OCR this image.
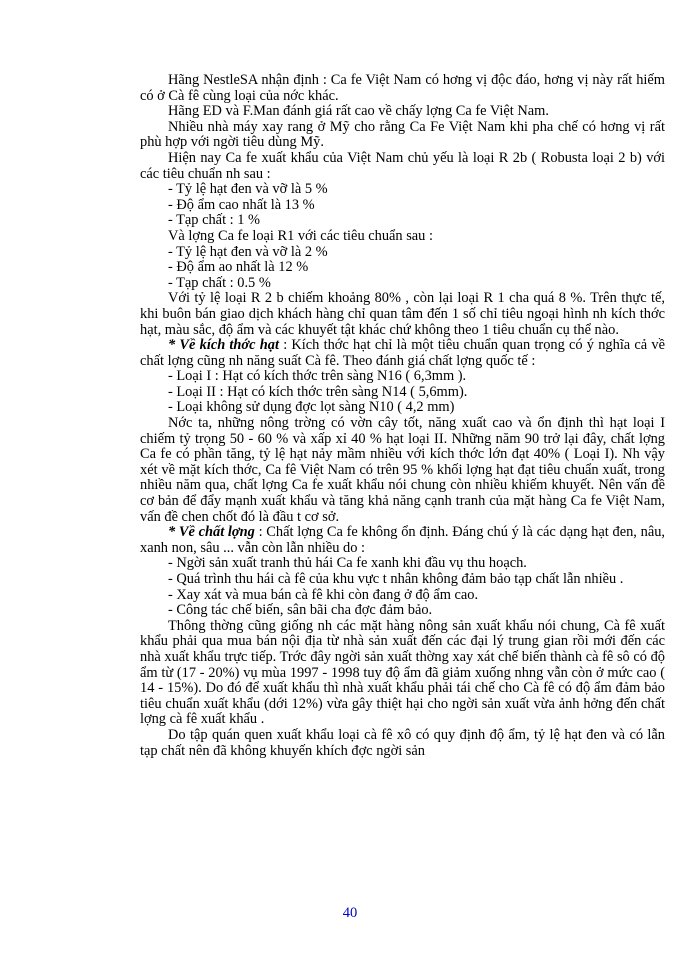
Hãng NestleSA nhận định : Ca fe Việt Nam có hơng vị độc đáo, hơng vị này rất hiếm có ở Cà fê cùng loại của nớc khác.

Hãng ED và F.Man đánh giá rất cao về chấy lợng Ca fe Việt Nam.

Nhiều nhà máy xay rang ở Mỹ cho rằng Ca Fe Việt Nam khi pha chế có hơng vị rất phù hợp với ngời tiêu dùng Mỹ.

Hiện nay Ca fe xuất khẩu của Việt Nam chủ yếu là loại R 2b ( Robusta loại 2 b) với các tiêu chuẩn nh sau :

- Tỷ lệ hạt đen và vỡ là 5 %

- Độ ẩm cao nhất là 13 %

- Tạp chất : 1 %

Và lợng Ca fe loại R1 với các tiêu chuẩn sau :

- Tỷ lệ hạt đen và vỡ là 2 %

- Độ ẩm ao nhất là 12 %

- Tạp chất : 0.5 %

Với tỷ lệ loại R 2 b chiếm khoảng 80% , còn lại loại R 1 cha quá 8 %. Trên thực tế, khi buôn bán giao dịch khách hàng chỉ quan tâm đến 1 số chỉ tiêu ngoại hình nh kích thớc hạt, màu sắc, độ ẩm và các khuyết tật khác chứ không theo 1 tiêu chuẩn cụ thể nào.

* Về kích thớc hạt : Kích thớc hạt chỉ là một tiêu chuẩn quan trọng có ý nghĩa cả về chất lợng cũng nh năng suất Cà fê. Theo đánh giá chất lợng quốc tế :

- Loại I : Hạt có kích thớc trên sàng N16 ( 6,3mm ).

- Loại II : Hạt có kích thớc trên sàng N14 ( 5,6mm).

- Loại không sử dụng đợc lọt sàng N10 ( 4,2 mm)

Nớc ta, những nông trờng có vờn cây tốt, năng xuất cao và ổn định thì hạt loại I chiếm tỷ trọng 50 - 60 % và xấp xỉ 40 % hạt loại II. Những năm 90 trở lại đây, chất lợng Ca fe có phần tăng, tỷ lệ hạt nảy mầm nhiều với kích thớc lớn đạt 40% ( Loại I). Nh vậy xét về mặt kích thớc, Ca fê Việt Nam có trên 95 % khối lợng hạt đạt tiêu chuẩn xuất, trong nhiều năm qua, chất lợng Ca fe xuất khẩu nói chung còn nhiều khiếm khuyết. Nên vấn đề cơ bản để đẩy mạnh xuất khẩu và tăng khả năng cạnh tranh của mặt hàng Ca fe Việt Nam, vấn đề chen chốt đó là đầu t cơ sở.

* Về chất lợng : Chất lợng Ca fe không ổn định. Đáng chú ý là các dạng hạt đen, nâu, xanh non, sâu ... vẫn còn lẫn nhiều do :

- Ngời sản xuất tranh thủ hái Ca fe xanh khi đầu vụ thu hoạch.

- Quá trình thu hái cà fê của khu vực t nhân không đảm bảo tạp chất lẫn nhiều .

- Xay xát và mua bán cà fê khi còn đang ở độ ẩm cao.

- Công tác chế biến, sân bãi cha đợc đảm bảo.

Thông thờng cũng giống nh các mặt hàng nông sản xuất khẩu nói chung, Cà fê xuất khẩu phải qua mua bán nội địa từ nhà sản xuất đến các đại lý trung gian rồi mới đến các nhà xuất khẩu trực tiếp. Trớc đây ngời sản xuất thờng xay xát chế biến thành cà fê sô có độ ẩm từ (17 - 20%) vụ mùa 1997 - 1998 tuy độ ẩm đã giảm xuống nhng vẫn còn ở mức cao ( 14 - 15%). Do đó để xuất khẩu thì nhà xuất khẩu phải tái chế cho Cà fê có độ ẩm đảm bảo tiêu chuẩn xuất khẩu (dới 12%) vừa gây thiệt hại cho ngời sản xuất vừa ảnh hởng đến chất lợng cà fê xuất khẩu .

Do tập quán quen xuất khẩu loại cà fê xô có quy định độ ẩm, tỷ lệ hạt đen và có lẫn tạp chất nên đã không khuyến khích đợc ngời sản

40
